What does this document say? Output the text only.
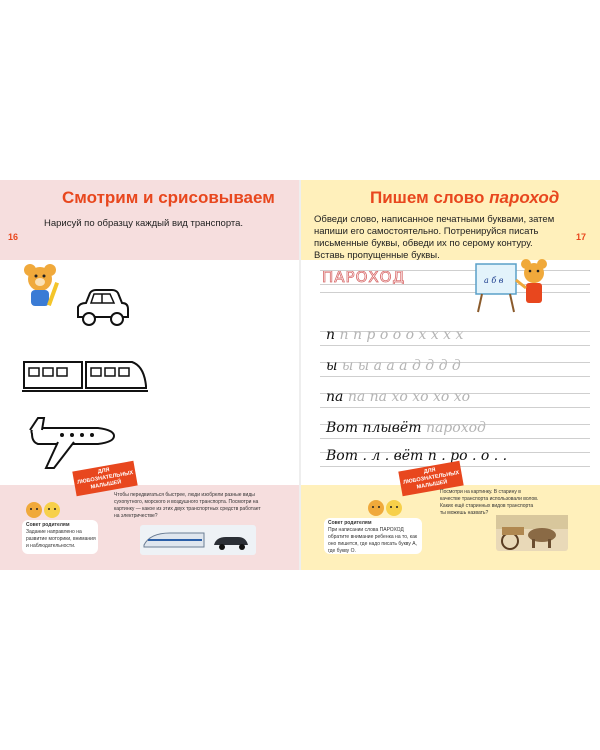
Смотрим и срисовываем
Нарисуй по образцу каждый вид транспорта.
16
ДЛЯ ЛЮБОЗНАТЕЛЬНЫХ МАЛЫШЕЙ
Совет родителям
Задание направлено на развитие моторики, внимания и наблюдательности.
Чтобы передвигаться быстрее, люди изобрели разные виды сухопутного, морского и воздушного транспорта. Посмотри на картинку — какое из этих двух транспортных средств работает на электричестве?
Пишем слово пароход
Обведи слово, написанное печатными буквами, затем напиши его самостоятельно. Потренируйся писать письменные буквы, обведи их по серому контуру. Вставь пропущенные буквы.
17
ПАРОХОД	а б в
п п п р о о о х х х х
ы ы ы а а а д д д д
па па па хо хо хо хо
Вот плывёт пароход
Вот . л . вёт п . ро . о . .
ДЛЯ ЛЮБОЗНАТЕЛЬНЫХ МАЛЫШЕЙ
Совет родителям
При написании слова ПАРОХОД обратите внимание ребенка на то, как оно пишется, где надо писать букву А, где букву О.
Посмотри на картинку. В старину в качестве транспорта использовали волов. Каких ещё старинных видов транспорта ты можешь назвать?
